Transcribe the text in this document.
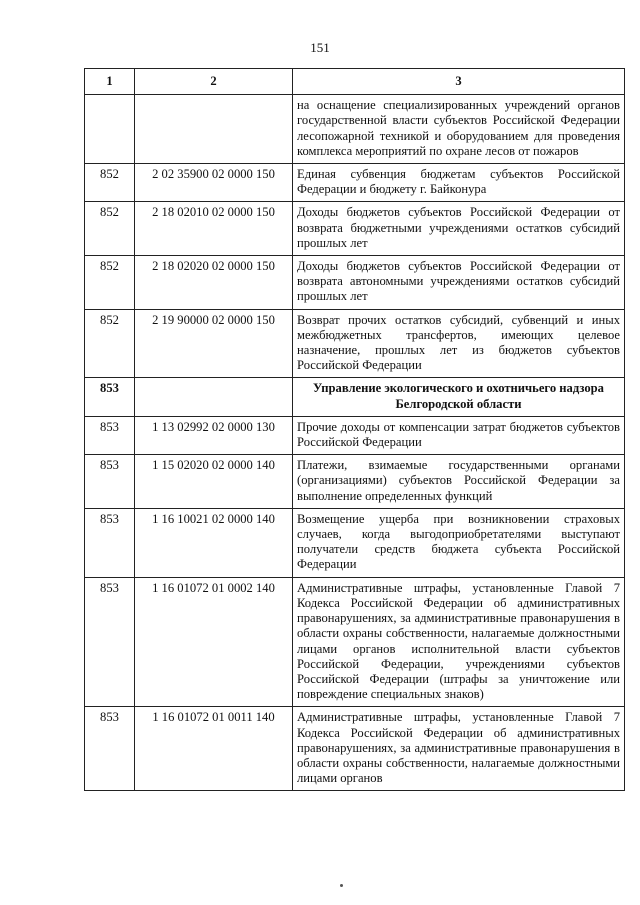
151
1	2	3
		на оснащение специализированных учреждений органов государственной власти субъектов Российской Федерации лесопожарной техникой и оборудованием для проведения комплекса мероприятий по охране лесов от пожаров
852	2 02 35900 02 0000 150	Единая субвенция бюджетам субъектов Российской Федерации и бюджету г. Байконура
852	2 18 02010 02 0000 150	Доходы бюджетов субъектов Российской Федерации от возврата бюджетными учреждениями остатков субсидий прошлых лет
852	2 18 02020 02 0000 150	Доходы бюджетов субъектов Российской Федерации от возврата автономными учреждениями остатков субсидий прошлых лет
852	2 19 90000 02 0000 150	Возврат прочих остатков субсидий, субвенций и иных межбюджетных трансфертов, имеющих целевое назначение, прошлых лет из бюджетов субъектов Российской Федерации
853		Управление экологического и охотничьего надзора Белгородской области
853	1 13 02992 02 0000 130	Прочие доходы от компенсации затрат бюджетов субъектов Российской Федерации
853	1 15 02020 02 0000 140	Платежи, взимаемые государственными органами (организациями) субъектов Российской Федерации за выполнение определенных функций
853	1 16 10021 02 0000 140	Возмещение ущерба при возникновении страховых случаев, когда выгодоприобретателями выступают получатели средств бюджета субъекта Российской Федерации
853	1 16 01072 01 0002 140	Административные штрафы, установленные Главой 7 Кодекса Российской Федерации об административных правонарушениях, за административные правонарушения в области охраны собственности, налагаемые должностными лицами органов исполнительной власти субъектов Российской Федерации, учреждениями субъектов Российской Федерации (штрафы за уничтожение или повреждение специальных знаков)
853	1 16 01072 01 0011 140	Административные штрафы, установленные Главой 7 Кодекса Российской Федерации об административных правонарушениях, за административные правонарушения в области охраны собственности, налагаемые должностными лицами органов
